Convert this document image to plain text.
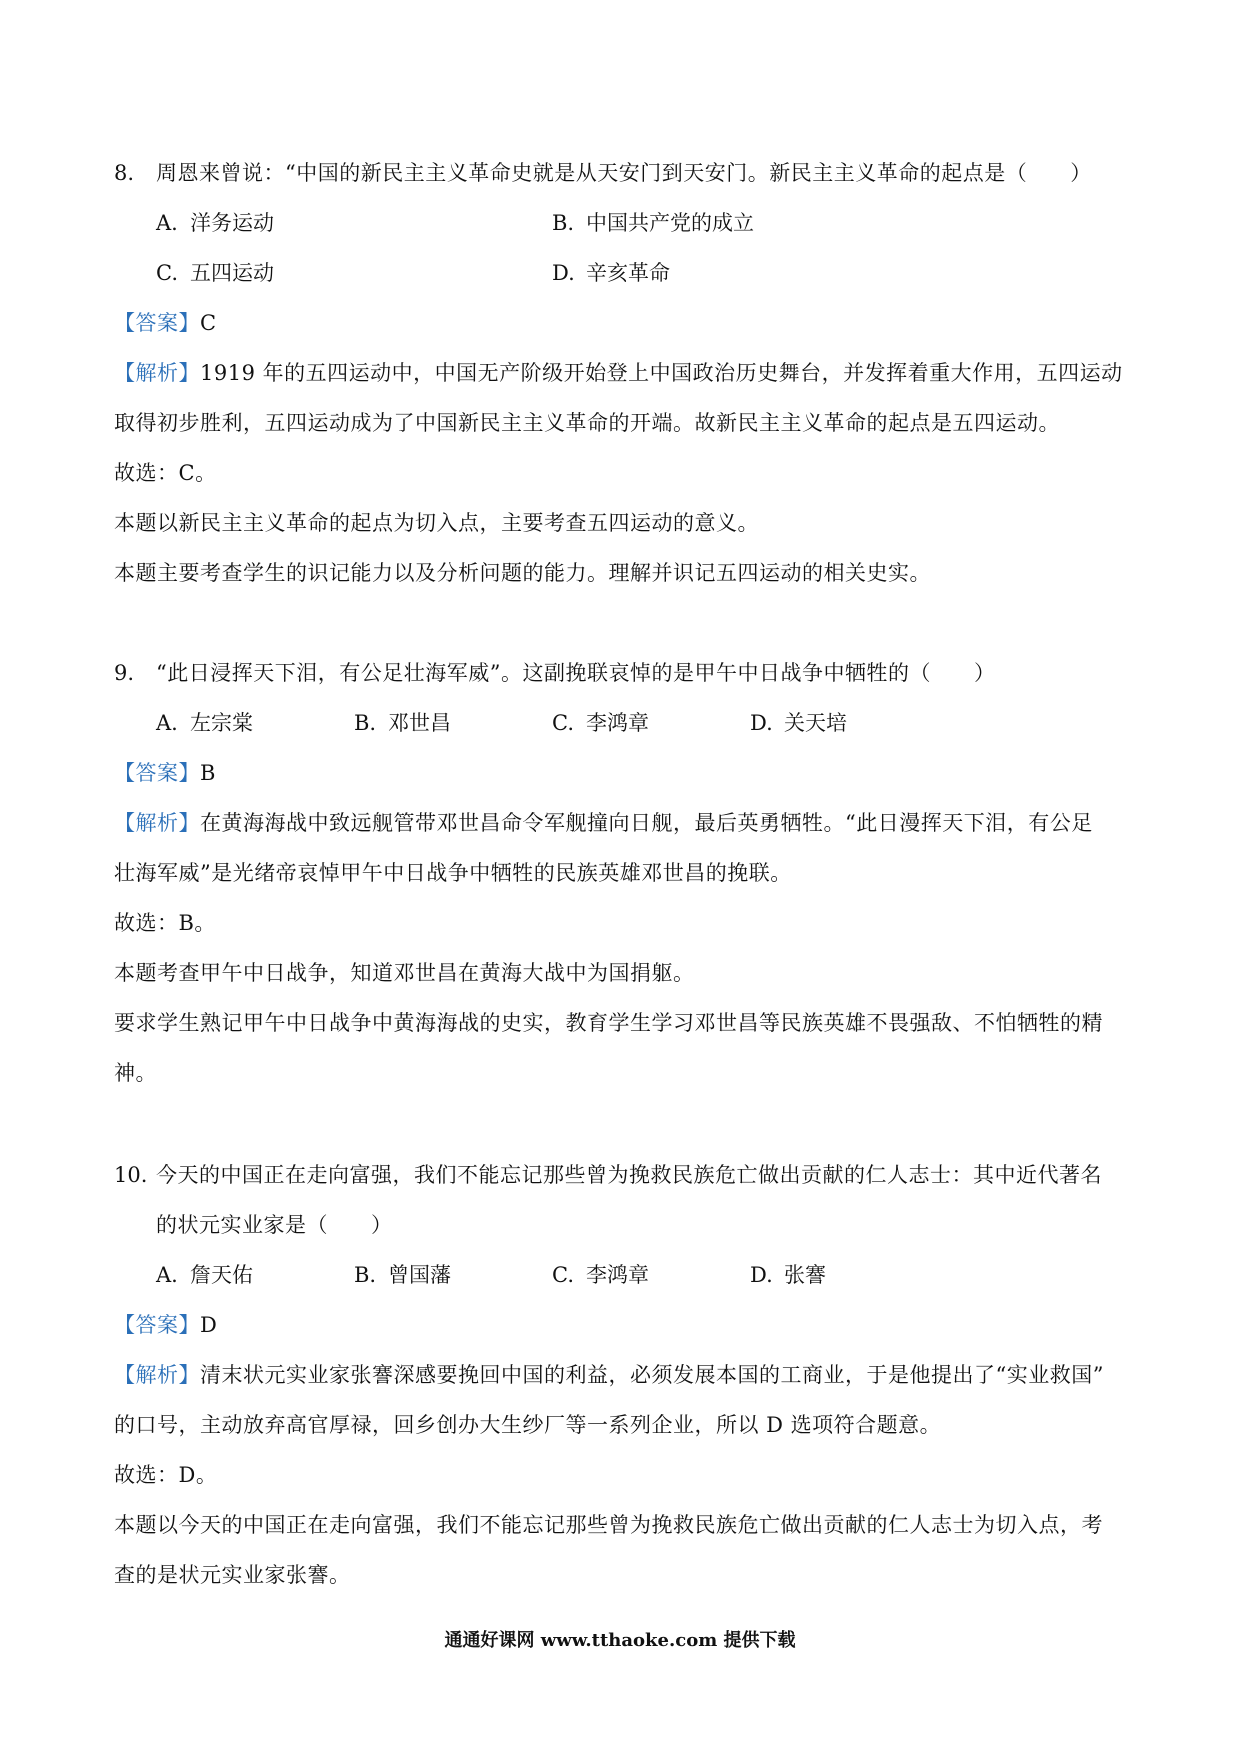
8. 周恩来曾说：“中国的新民主主义革命史就是从天安门到天安门。新民主主义革命的起点是（　　）
A. 洋务运动	B. 中国共产党的成立
C. 五四运动	D. 辛亥革命
【答案】C
【解析】1919 年的五四运动中，中国无产阶级开始登上中国政治历史舞台，并发挥着重大作用，五四运动
取得初步胜利，五四运动成为了中国新民主主义革命的开端。故新民主主义革命的起点是五四运动。
故选：C。
本题以新民主主义革命的起点为切入点，主要考查五四运动的意义。
本题主要考查学生的识记能力以及分析问题的能力。理解并识记五四运动的相关史实。
9. “此日浸挥天下泪，有公足壮海军威”。这副挽联哀悼的是甲午中日战争中牺牲的（　　）
A. 左宗棠	B. 邓世昌	C. 李鸿章	D. 关天培
【答案】B
【解析】在黄海海战中致远舰管带邓世昌命令军舰撞向日舰，最后英勇牺牲。“此日漫挥天下泪，有公足
壮海军威”是光绪帝哀悼甲午中日战争中牺牲的民族英雄邓世昌的挽联。
故选：B。
本题考查甲午中日战争，知道邓世昌在黄海大战中为国捐躯。
要求学生熟记甲午中日战争中黄海海战的史实，教育学生学习邓世昌等民族英雄不畏强敌、不怕牺牲的精
神。
10. 今天的中国正在走向富强，我们不能忘记那些曾为挽救民族危亡做出贡献的仁人志士：其中近代著名
的状元实业家是（　　）
A. 詹天佑	B. 曾国藩	C. 李鸿章	D. 张謇
【答案】D
【解析】清末状元实业家张謇深感要挽回中国的利益，必须发展本国的工商业，于是他提出了“实业救国”
的口号，主动放弃高官厚禄，回乡创办大生纱厂等一系列企业，所以 D 选项符合题意。
故选：D。
本题以今天的中国正在走向富强，我们不能忘记那些曾为挽救民族危亡做出贡献的仁人志士为切入点，考
查的是状元实业家张謇。
通通好课网 www.tthaoke.com 提供下载
